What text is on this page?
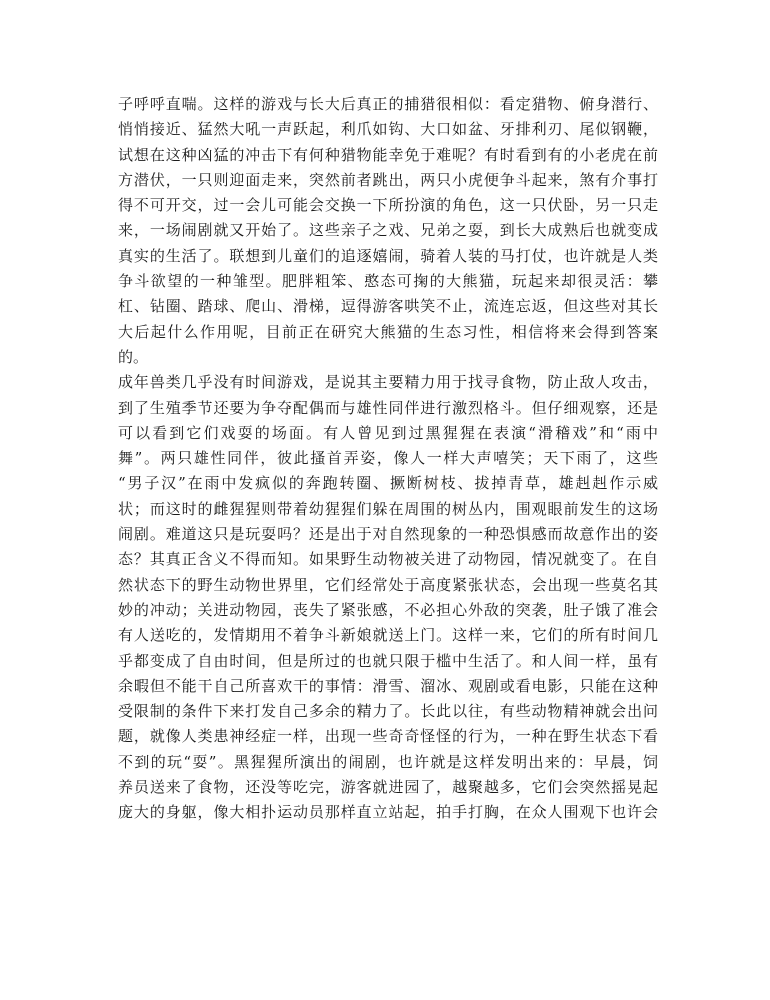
子呼呼直喘。这样的游戏与长大后真正的捕猎很相似：看定猎物、俯身潜行、
悄悄接近、猛然大吼一声跃起，利爪如钩、大口如盆、牙排利刃、尾似钢鞭，
试想在这种凶猛的冲击下有何种猎物能幸免于难呢？有时看到有的小老虎在前
方潜伏，一只则迎面走来，突然前者跳出，两只小虎便争斗起来，煞有介事打
得不可开交，过一会儿可能会交换一下所扮演的角色，这一只伏卧，另一只走
来，一场闹剧就又开始了。这些亲子之戏、兄弟之耍，到长大成熟后也就变成
真实的生活了。联想到儿童们的追逐嬉闹，骑着人装的马打仗，也许就是人类
争斗欲望的一种雏型。肥胖粗笨、憨态可掬的大熊猫，玩起来却很灵活：攀
杠、钻圈、踏球、爬山、滑梯，逗得游客哄笑不止，流连忘返，但这些对其长
大后起什么作用呢，目前正在研究大熊猫的生态习性，相信将来会得到答案
的。
成年兽类几乎没有时间游戏，是说其主要精力用于找寻食物，防止敌人攻击，
到了生殖季节还要为争夺配偶而与雄性同伴进行激烈格斗。但仔细观察，还是
可以看到它们戏耍的场面。有人曾见到过黑猩猩在表演“滑稽戏”和“雨中
舞”。两只雄性同伴，彼此搔首弄姿，像人一样大声嘻笑；天下雨了，这些
“男子汉”在雨中发疯似的奔跑转圈、撅断树枝、拔掉青草，雄赳赳作示威
状；而这时的雌猩猩则带着幼猩猩们躲在周围的树丛内，围观眼前发生的这场
闹剧。难道这只是玩耍吗？还是出于对自然现象的一种恐惧感而故意作出的姿
态？其真正含义不得而知。如果野生动物被关进了动物园，情况就变了。在自
然状态下的野生动物世界里，它们经常处于高度紧张状态，会出现一些莫名其
妙的冲动；关进动物园，丧失了紧张感，不必担心外敌的突袭，肚子饿了准会
有人送吃的，发情期用不着争斗新娘就送上门。这样一来，它们的所有时间几
乎都变成了自由时间，但是所过的也就只限于槛中生活了。和人间一样，虽有
余暇但不能干自己所喜欢干的事情：滑雪、溜冰、观剧或看电影，只能在这种
受限制的条件下来打发自己多余的精力了。长此以往，有些动物精神就会出问
题，就像人类患神经症一样，出现一些奇奇怪怪的行为，一种在野生状态下看
不到的玩“耍”。黑猩猩所演出的闹剧，也许就是这样发明出来的：早晨，饲
养员送来了食物，还没等吃完，游客就进园了，越聚越多，它们会突然摇晃起
庞大的身躯，像大相扑运动员那样直立站起，拍手打胸，在众人围观下也许会
